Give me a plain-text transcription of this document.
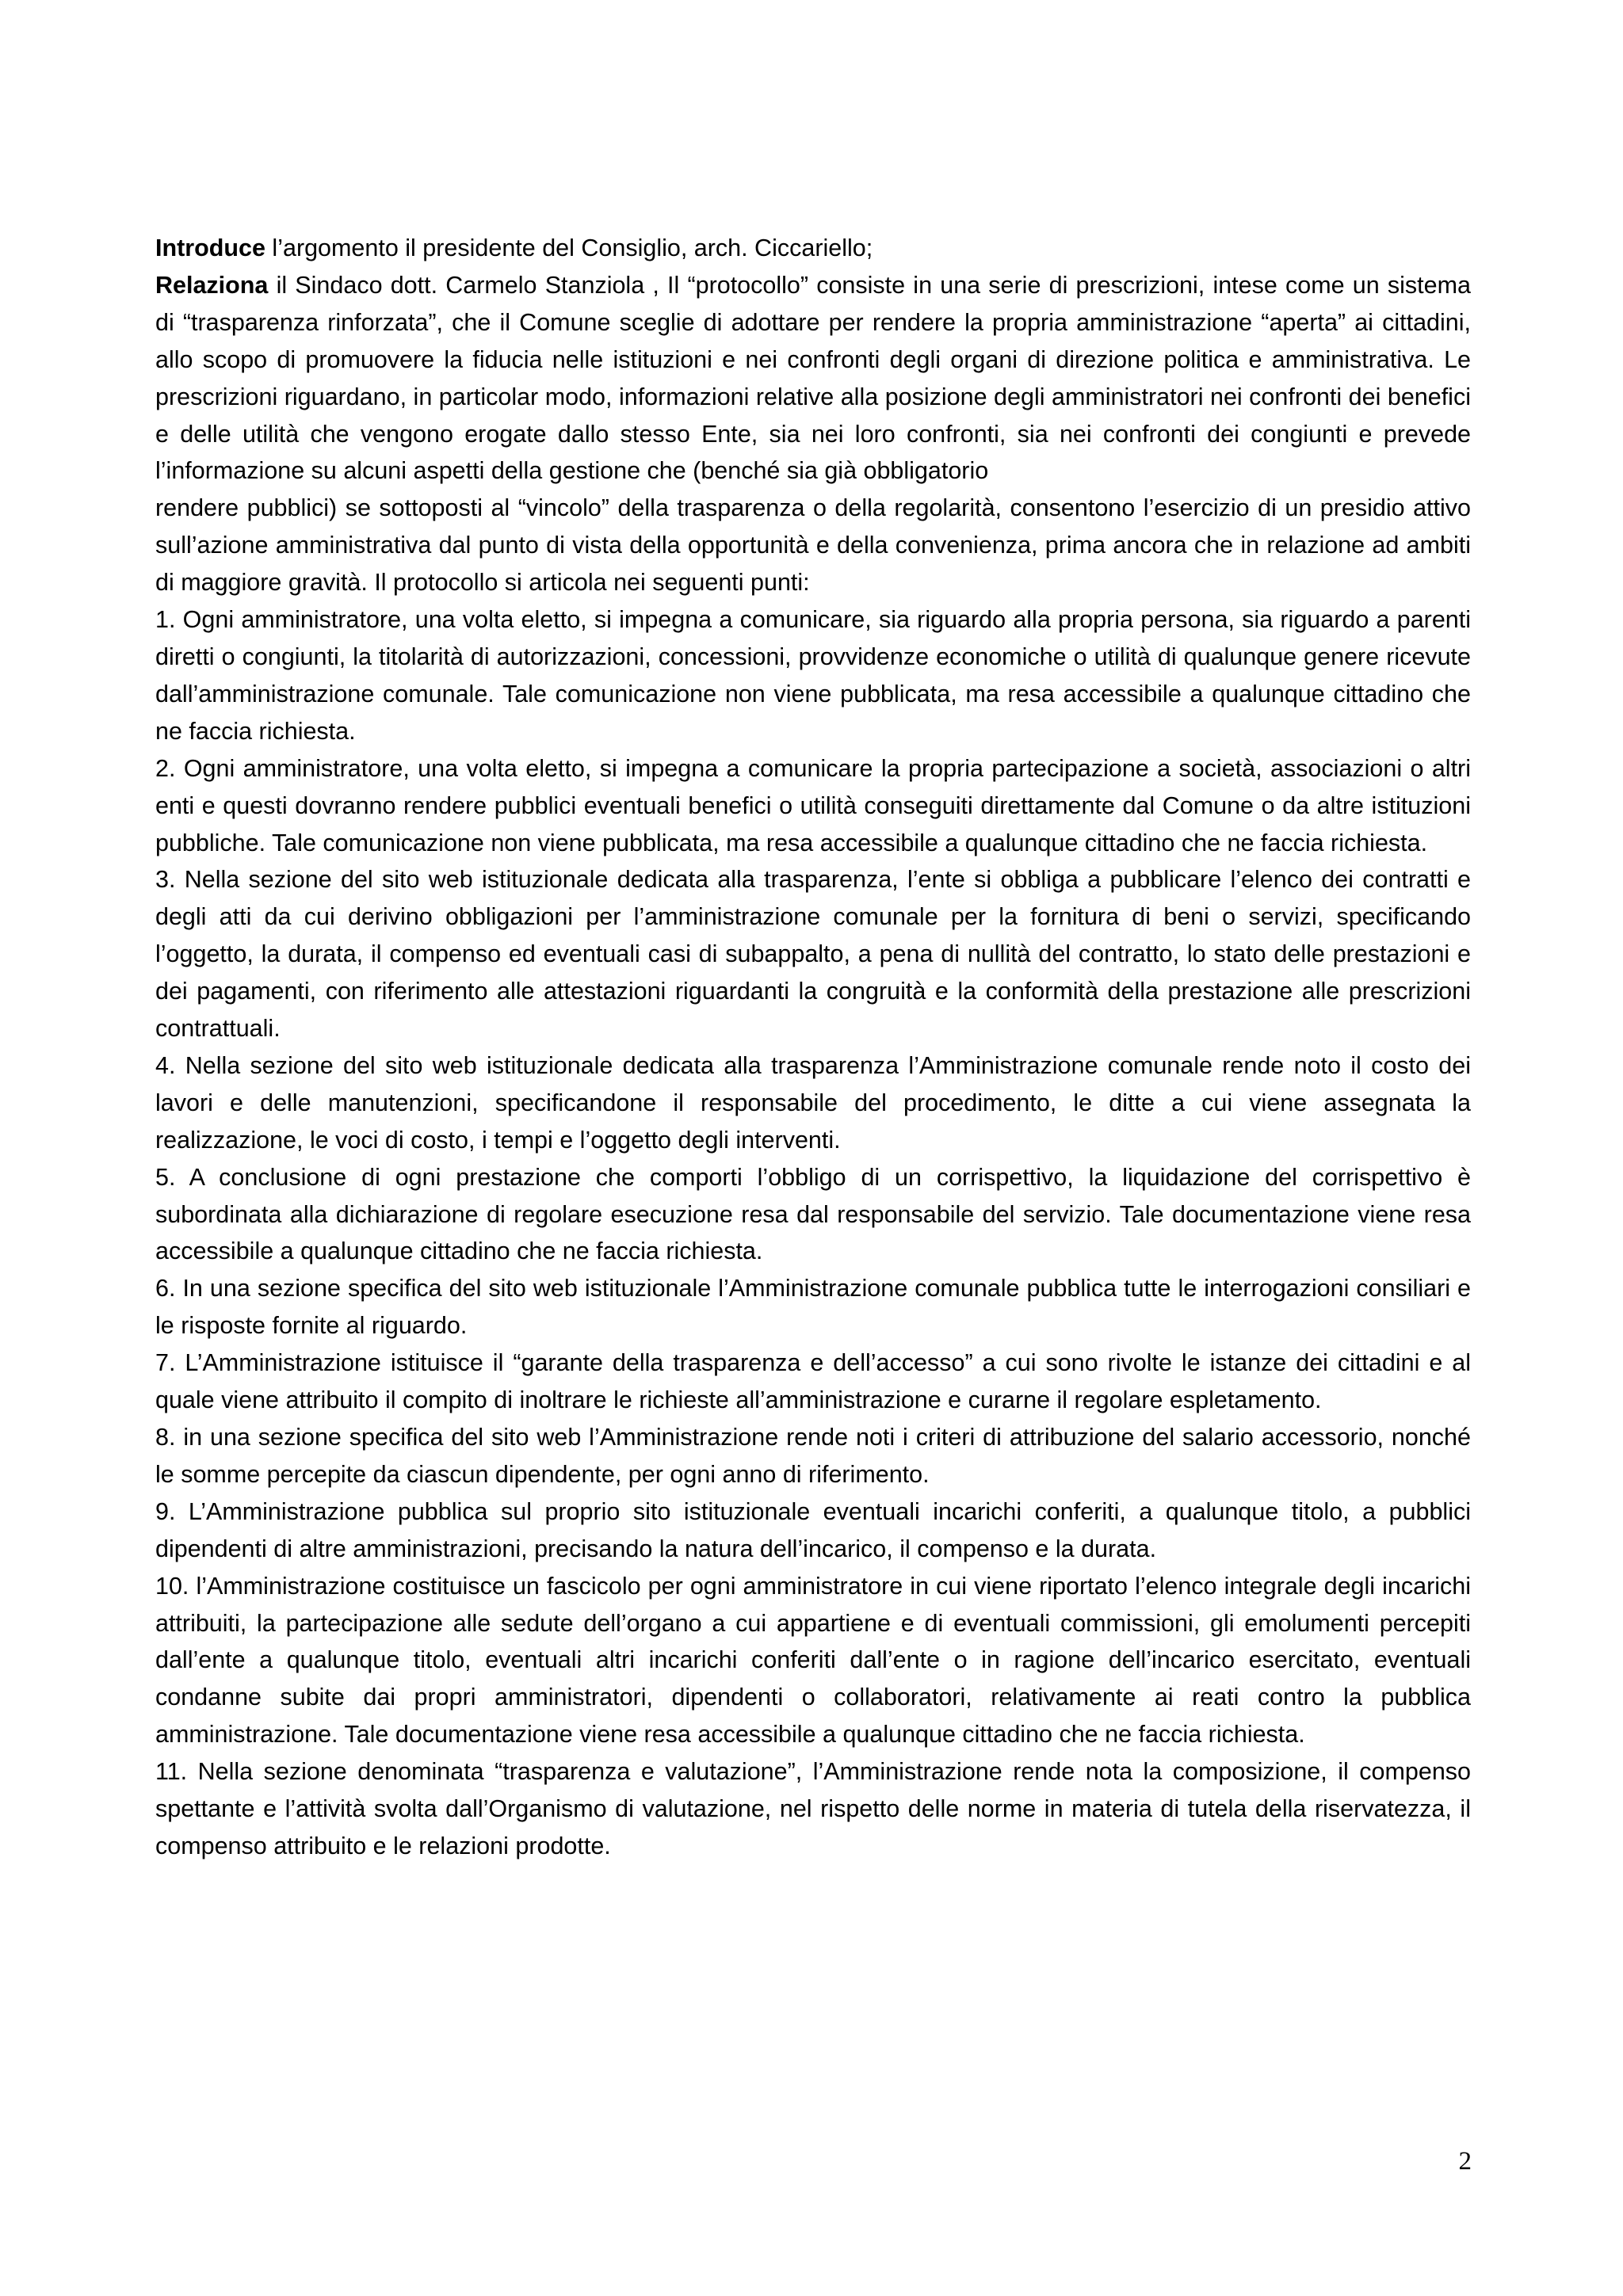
Introduce l’argomento il presidente del Consiglio, arch. Ciccariello;

Relaziona il Sindaco dott. Carmelo Stanziola , Il “protocollo” consiste in una serie di prescrizioni, intese come un sistema di “trasparenza rinforzata”, che il Comune sceglie di adottare per rendere la propria amministrazione “aperta” ai cittadini, allo scopo di promuovere la fiducia nelle istituzioni e nei confronti degli organi di direzione politica e amministrativa. Le prescrizioni riguardano, in particolar modo, informazioni relative alla posizione degli amministratori nei confronti dei benefici e delle utilità che vengono erogate dallo stesso Ente, sia nei loro confronti, sia nei confronti dei congiunti e prevede l’informazione su alcuni aspetti della gestione che (benché sia già obbligatorio

rendere pubblici) se sottoposti al “vincolo” della trasparenza o della regolarità, consentono l’esercizio di un presidio attivo sull’azione amministrativa dal punto di vista della opportunità e della convenienza, prima ancora che in relazione ad ambiti di maggiore gravità. Il protocollo si articola nei seguenti punti:

1. Ogni amministratore, una volta eletto, si impegna a comunicare, sia riguardo alla propria persona, sia riguardo a parenti diretti o congiunti, la titolarità di autorizzazioni, concessioni, provvidenze economiche o utilità di qualunque genere ricevute dall’amministrazione comunale. Tale comunicazione non viene pubblicata, ma resa accessibile a qualunque cittadino che ne faccia richiesta.

2. Ogni amministratore, una volta eletto, si impegna a comunicare la propria partecipazione a società, associazioni o altri enti e questi dovranno rendere pubblici eventuali benefici o utilità conseguiti direttamente dal Comune o da altre istituzioni pubbliche. Tale comunicazione non viene pubblicata, ma resa accessibile a qualunque cittadino che ne faccia richiesta.

3. Nella sezione del sito web istituzionale dedicata alla trasparenza, l’ente si obbliga a pubblicare l’elenco dei contratti e degli atti da cui derivino obbligazioni per l’amministrazione comunale per la fornitura di beni o servizi, specificando l’oggetto, la durata, il compenso ed eventuali casi di subappalto, a pena di nullità del contratto, lo stato delle prestazioni e dei pagamenti, con riferimento alle attestazioni riguardanti la congruità e la conformità della prestazione alle prescrizioni contrattuali.

4. Nella sezione del sito web istituzionale dedicata alla trasparenza l’Amministrazione comunale rende noto il costo dei lavori e delle manutenzioni, specificandone il responsabile del procedimento, le ditte a cui viene assegnata la realizzazione, le voci di costo, i tempi e l’oggetto degli interventi.

5. A conclusione di ogni prestazione che comporti l’obbligo di un corrispettivo, la liquidazione del corrispettivo è subordinata alla dichiarazione di regolare esecuzione resa dal responsabile del servizio. Tale documentazione viene resa accessibile a qualunque cittadino che ne faccia richiesta.

6. In una sezione specifica del sito web istituzionale l’Amministrazione comunale pubblica tutte le interrogazioni consiliari e le risposte fornite al riguardo.

7. L’Amministrazione istituisce il “garante della trasparenza e dell’accesso” a cui sono rivolte le istanze dei cittadini e al quale viene attribuito il compito di inoltrare le richieste all’amministrazione e curarne il regolare espletamento.

8. in una sezione specifica del sito web l’Amministrazione rende noti i criteri di attribuzione del salario accessorio, nonché le somme percepite da ciascun dipendente, per ogni anno di riferimento.

9. L’Amministrazione pubblica sul proprio sito istituzionale eventuali incarichi conferiti, a qualunque titolo, a pubblici dipendenti di altre amministrazioni, precisando la natura dell’incarico, il compenso e la durata.

10. l’Amministrazione costituisce un fascicolo per ogni amministratore in cui viene riportato l’elenco integrale degli incarichi attribuiti, la partecipazione alle sedute dell’organo a cui appartiene e di eventuali commissioni, gli emolumenti percepiti dall’ente a qualunque titolo, eventuali altri incarichi conferiti dall’ente o in ragione dell’incarico esercitato, eventuali condanne subite dai propri amministratori, dipendenti o collaboratori, relativamente ai reati contro la pubblica amministrazione. Tale documentazione viene resa accessibile a qualunque cittadino che ne faccia richiesta.

11. Nella sezione denominata “trasparenza e valutazione”, l’Amministrazione rende nota la composizione, il compenso spettante e l’attività svolta dall’Organismo di valutazione, nel rispetto delle norme in materia di tutela della riservatezza, il compenso attribuito e le relazioni prodotte.

2
